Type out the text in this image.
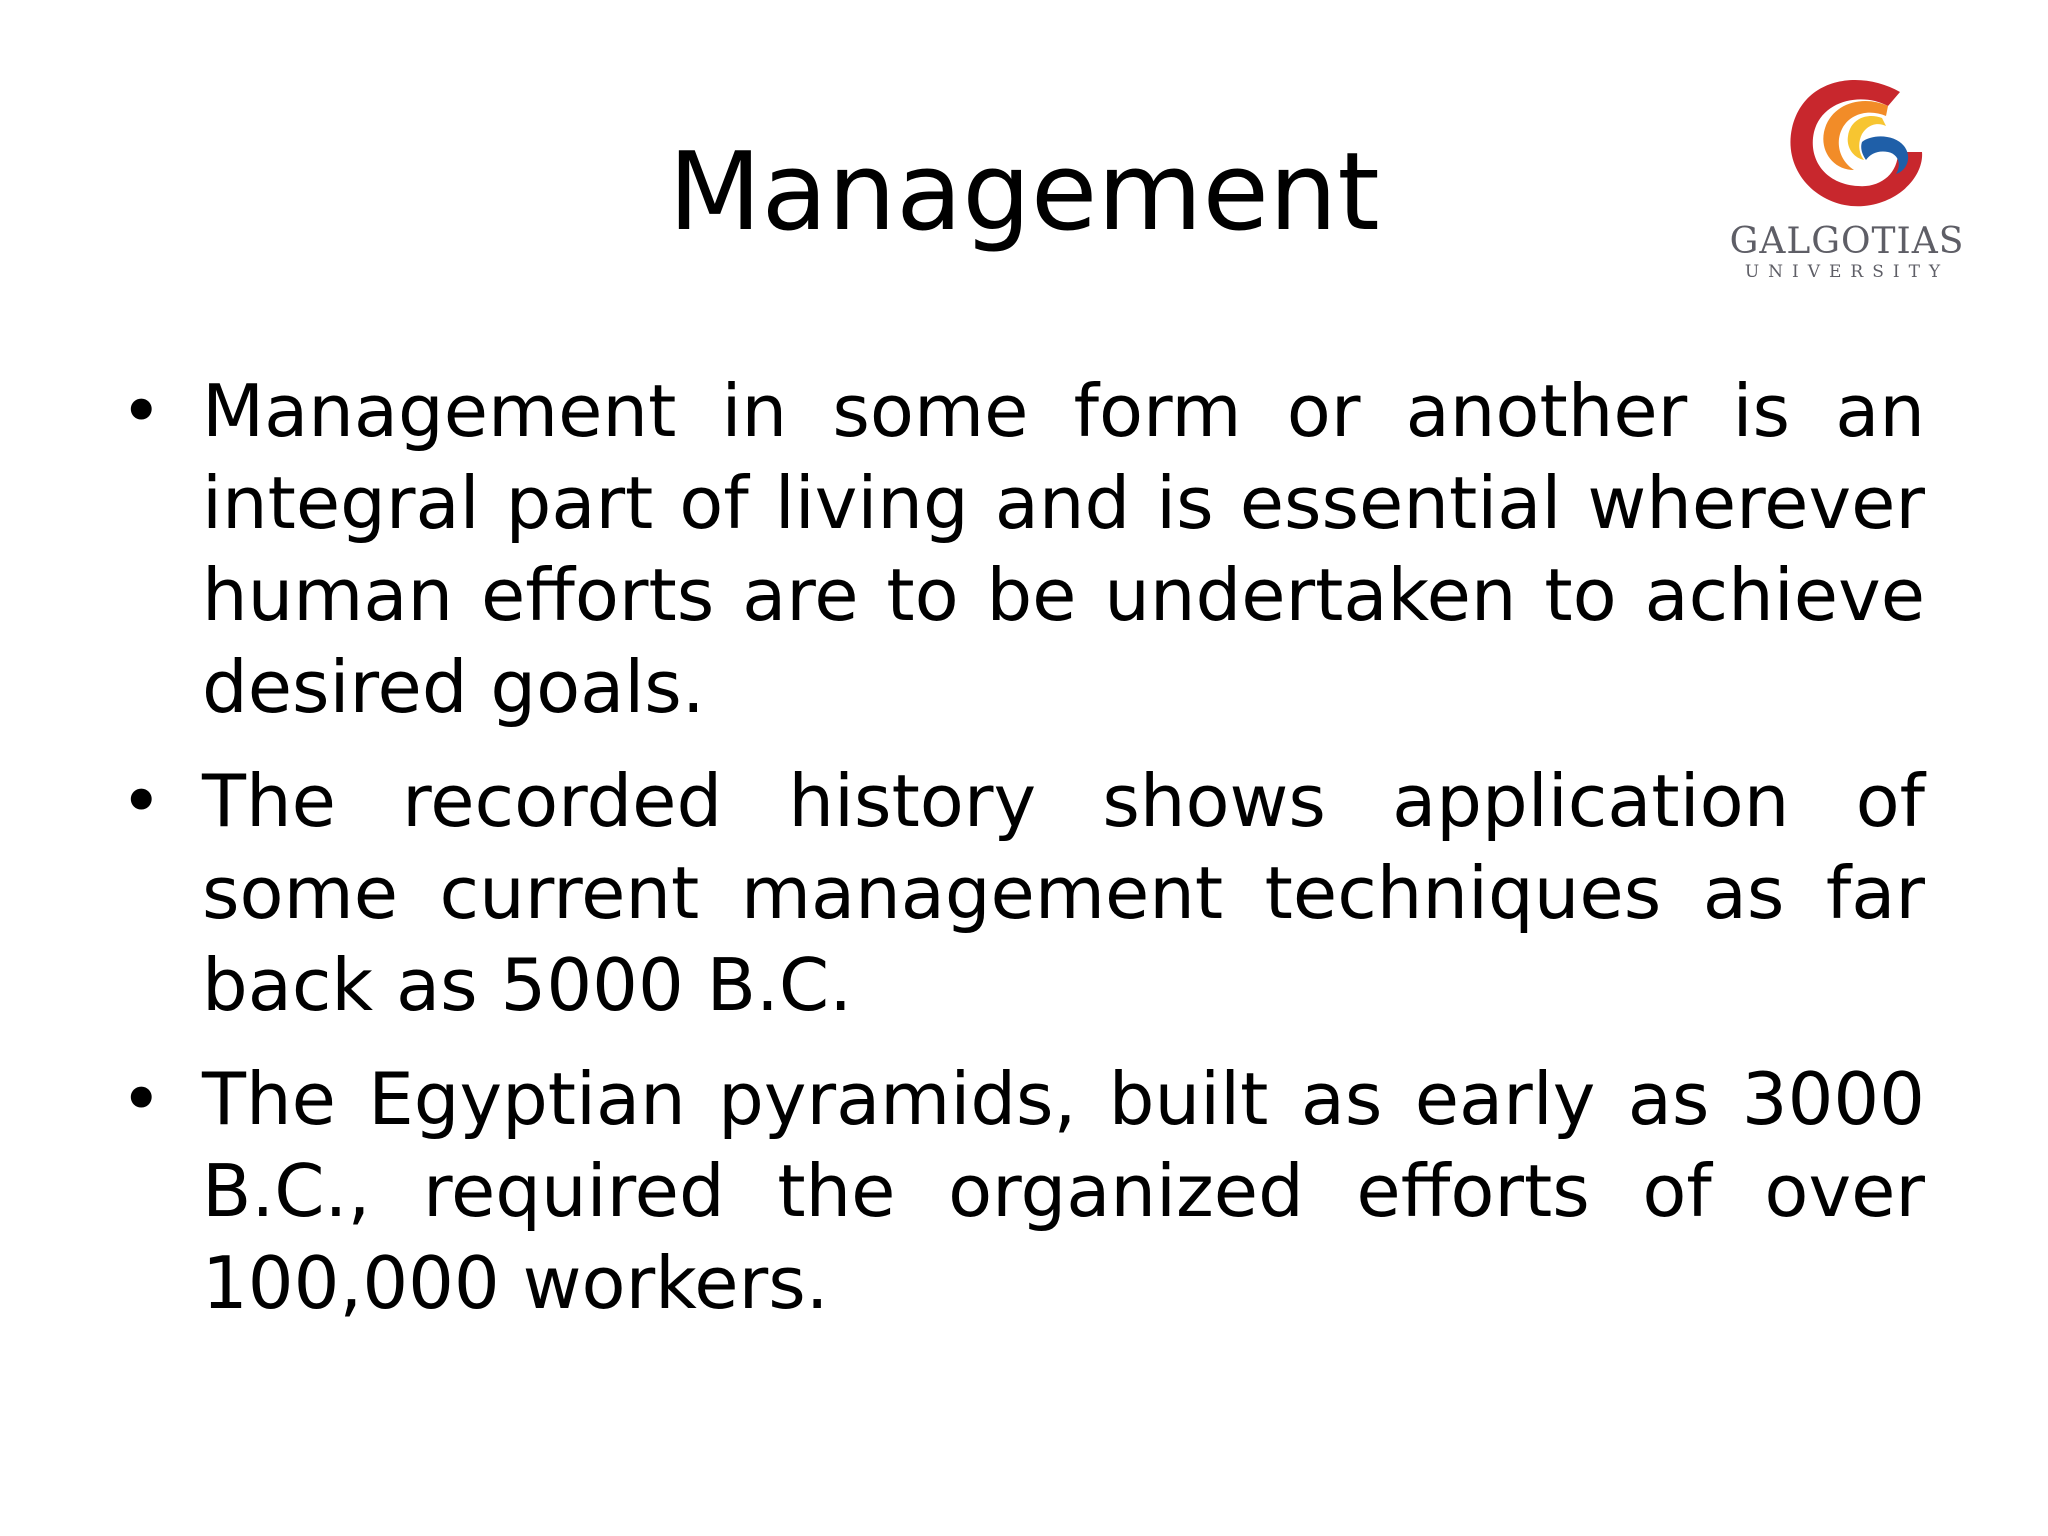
Management	GALGOTIAS
UNIVERSITY
• Management in some form or another is an integral part of living and is essential wherever human efforts are to be undertaken to achieve desired goals.
• The recorded history shows application of some current management techniques as far back as 5000 B.C.
• The Egyptian pyramids, built as early as 3000 B.C., required the organized efforts of over 100,000 workers.
